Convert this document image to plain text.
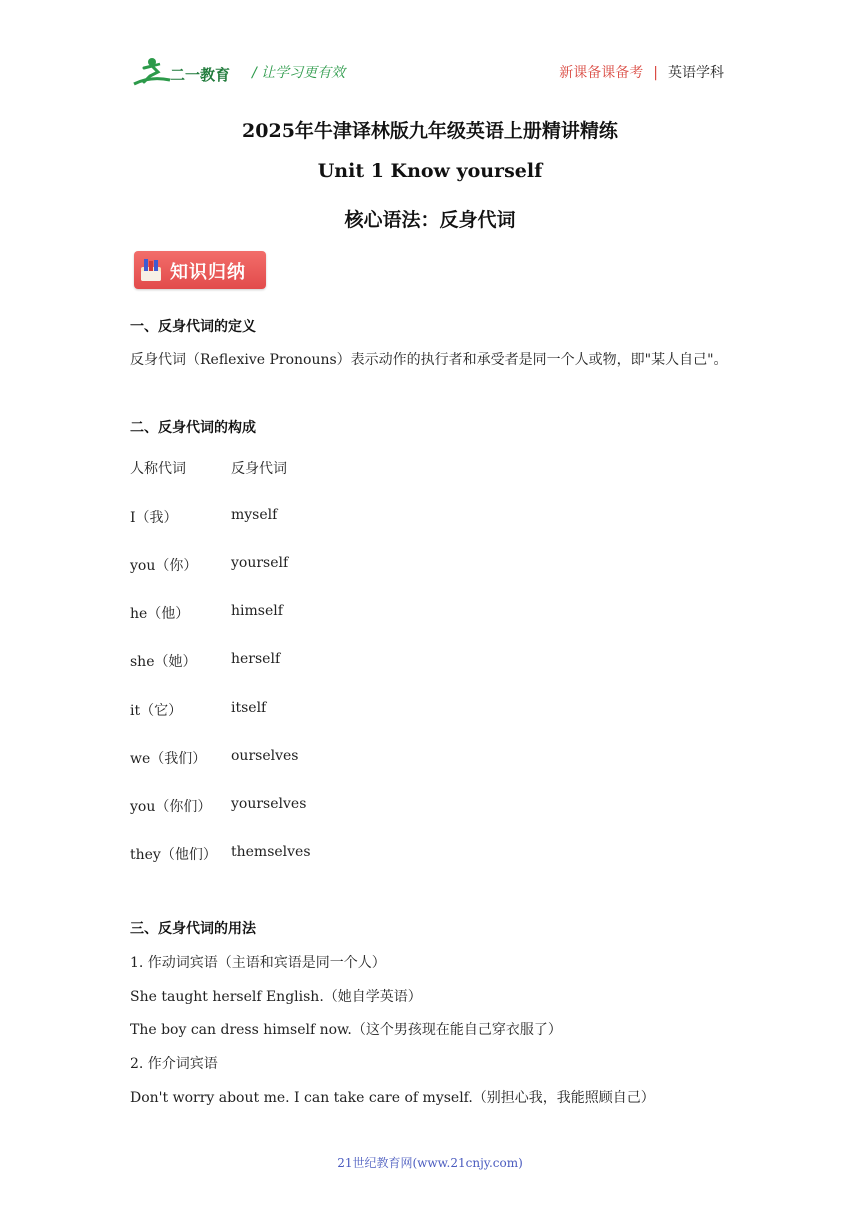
二一教育 / 让学习更有效	新课备课备考 | 英语学科
2025年牛津译林版九年级英语上册精讲精练
Unit 1 Know yourself
核心语法：反身代词
知识归纳
一、反身代词的定义
反身代词（Reflexive Pronouns）表示动作的执行者和承受者是同一个人或物，即"某人自己"。
二、反身代词的构成
人称代词	反身代词
I（我）	myself
you（你） yourself
he（他）	himself
she（她） herself
it（它）	itself
we（我们） ourselves
you（你们） yourselves
they（他们） themselves
三、反身代词的用法
1. 作动词宾语（主语和宾语是同一个人）
She taught herself English.（她自学英语）
The boy can dress himself now.（这个男孩现在能自己穿衣服了）
2. 作介词宾语
Don't worry about me. I can take care of myself.（别担心我，我能照顾自己）
21世纪教育网(www.21cnjy.com)
